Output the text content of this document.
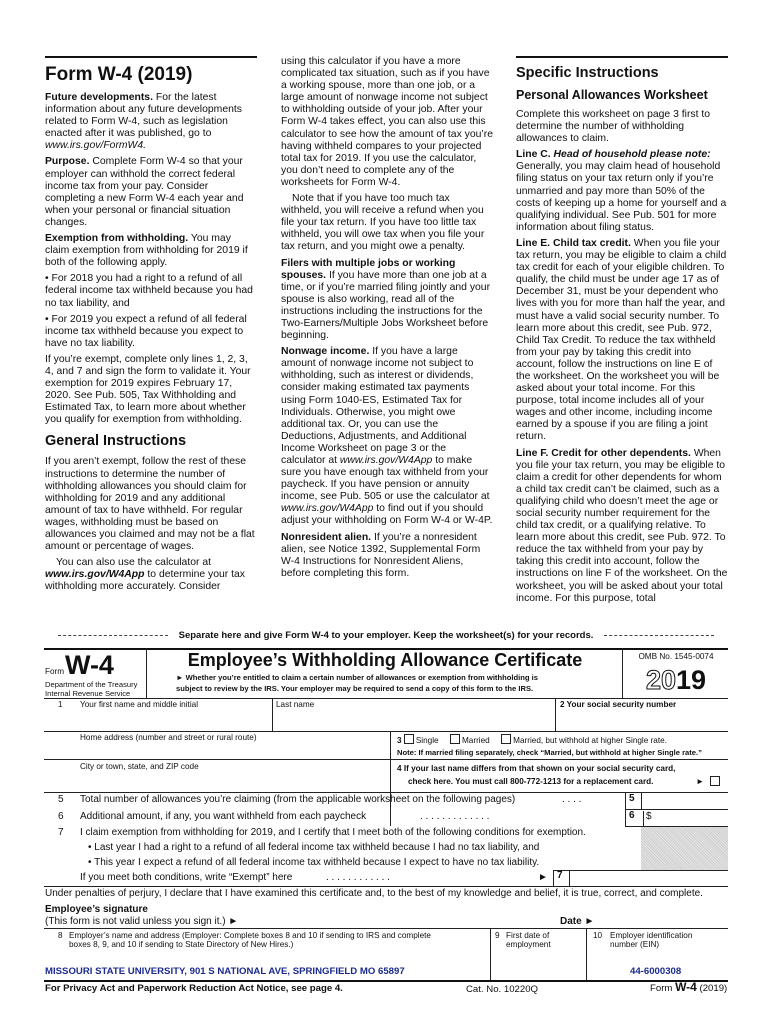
Form W-4 (2019)

Future developments. For the latest information about any future developments related to Form W-4, such as legislation enacted after it was published, go to www.irs.gov/FormW4.

Purpose. Complete Form W-4 so that your employer can withhold the correct federal income tax from your pay. Consider completing a new Form W-4 each year and when your personal or financial situation changes.

Exemption from withholding. You may claim exemption from withholding for 2019 if both of the following apply.

• For 2018 you had a right to a refund of all federal income tax withheld because you had no tax liability, and

• For 2019 you expect a refund of all federal income tax withheld because you expect to have no tax liability.

If you’re exempt, complete only lines 1, 2, 3, 4, and 7 and sign the form to validate it. Your exemption for 2019 expires February 17, 2020. See Pub. 505, Tax Withholding and Estimated Tax, to learn more about whether you qualify for exemption from withholding.

General Instructions

If you aren’t exempt, follow the rest of these instructions to determine the number of withholding allowances you should claim for withholding for 2019 and any additional amount of tax to have withheld. For regular wages, withholding must be based on allowances you claimed and may not be a flat amount or percentage of wages.

You can also use the calculator at www.irs.gov/W4App to determine your tax withholding more accurately. Consider

using this calculator if you have a more complicated tax situation, such as if you have a working spouse, more than one job, or a large amount of nonwage income not subject to withholding outside of your job. After your Form W-4 takes effect, you can also use this calculator to see how the amount of tax you’re having withheld compares to your projected total tax for 2019. If you use the calculator, you don’t need to complete any of the worksheets for Form W-4.

Note that if you have too much tax withheld, you will receive a refund when you file your tax return. If you have too little tax withheld, you will owe tax when you file your tax return, and you might owe a penalty.

Filers with multiple jobs or working spouses. If you have more than one job at a time, or if you’re married filing jointly and your spouse is also working, read all of the instructions including the instructions for the Two-Earners/Multiple Jobs Worksheet before beginning.

Nonwage income. If you have a large amount of nonwage income not subject to withholding, such as interest or dividends, consider making estimated tax payments using Form 1040-ES, Estimated Tax for Individuals. Otherwise, you might owe additional tax. Or, you can use the Deductions, Adjustments, and Additional Income Worksheet on page 3 or the calculator at www.irs.gov/W4App to make sure you have enough tax withheld from your paycheck. If you have pension or annuity income, see Pub. 505 or use the calculator at www.irs.gov/W4App to find out if you should adjust your withholding on Form W-4 or W-4P.

Nonresident alien. If you’re a nonresident alien, see Notice 1392, Supplemental Form W-4 Instructions for Nonresident Aliens, before completing this form.

Specific Instructions
Personal Allowances Worksheet

Complete this worksheet on page 3 first to determine the number of withholding allowances to claim.

Line C. Head of household please note: Generally, you may claim head of household filing status on your tax return only if you’re unmarried and pay more than 50% of the costs of keeping up a home for yourself and a qualifying individual. See Pub. 501 for more information about filing status.

Line E. Child tax credit. When you file your tax return, you may be eligible to claim a child tax credit for each of your eligible children. To qualify, the child must be under age 17 as of December 31, must be your dependent who lives with you for more than half the year, and must have a valid social security number. To learn more about this credit, see Pub. 972, Child Tax Credit. To reduce the tax withheld from your pay by taking this credit into account, follow the instructions on line E of the worksheet. On the worksheet you will be asked about your total income. For this purpose, total income includes all of your wages and other income, including income earned by a spouse if you are filing a joint return.

Line F. Credit for other dependents. When you file your tax return, you may be eligible to claim a credit for other dependents for whom a child tax credit can’t be claimed, such as a qualifying child who doesn’t meet the age or social security number requirement for the child tax credit, or a qualifying relative. To learn more about this credit, see Pub. 972. To reduce the tax withheld from your pay by taking this credit into account, follow the instructions on line F of the worksheet. On the worksheet, you will be asked about your total income. For this purpose, total

Separate here and give Form W-4 to your employer. Keep the worksheet(s) for your records.
Form W-4
Department of the Treasury
Internal Revenue Service
Employee’s Withholding Allowance Certificate
► Whether you’re entitled to claim a certain number of allowances or exemption from withholding is
subject to review by the IRS. Your employer may be required to send a copy of this form to the IRS.
OMB No. 1545-0074
2019
1 Your first name and middle initial	Last name	2 Your social security number
Home address (number and street or rural route)	3 Single	Married	Married, but withhold at higher Single rate.
Note: If married filing separately, check “Married, but withhold at higher Single rate.”
City or town, state, and ZIP code	4 If your last name differs from that shown on your social security card,
check here. You must call 800-772-1213 for a replacement card.	►
5 Total number of allowances you’re claiming (from the applicable worksheet on the following pages)	. . . .	5
6 Additional amount, if any, you want withheld from each paycheck	. . . . . . . . . . . . .	6	$
7 I claim exemption from withholding for 2019, and I certify that I meet both of the following conditions for exemption.
• Last year I had a right to a refund of all federal income tax withheld because I had no tax liability, and
• This year I expect a refund of all federal income tax withheld because I expect to have no tax liability.
If you meet both conditions, write “Exempt” here	. . . . . . . . . . . .	► 7
Under penalties of perjury, I declare that I have examined this certificate and, to the best of my knowledge and belief, it is true, correct, and complete.
Employee’s signature
(This form is not valid unless you sign it.) ►	Date ►
8 Employer’s name and address (Employer: Complete boxes 8 and 10 if sending to IRS and complete
boxes 8, 9, and 10 if sending to State Directory of New Hires.)
9 First date of
employment
10 Employer identification
number (EIN)
MISSOURI STATE UNIVERSITY, 901 S NATIONAL AVE, SPRINGFIELD MO 65897	44-6000308
For Privacy Act and Paperwork Reduction Act Notice, see page 4.	Cat. No. 10220Q	Form W-4 (2019)
